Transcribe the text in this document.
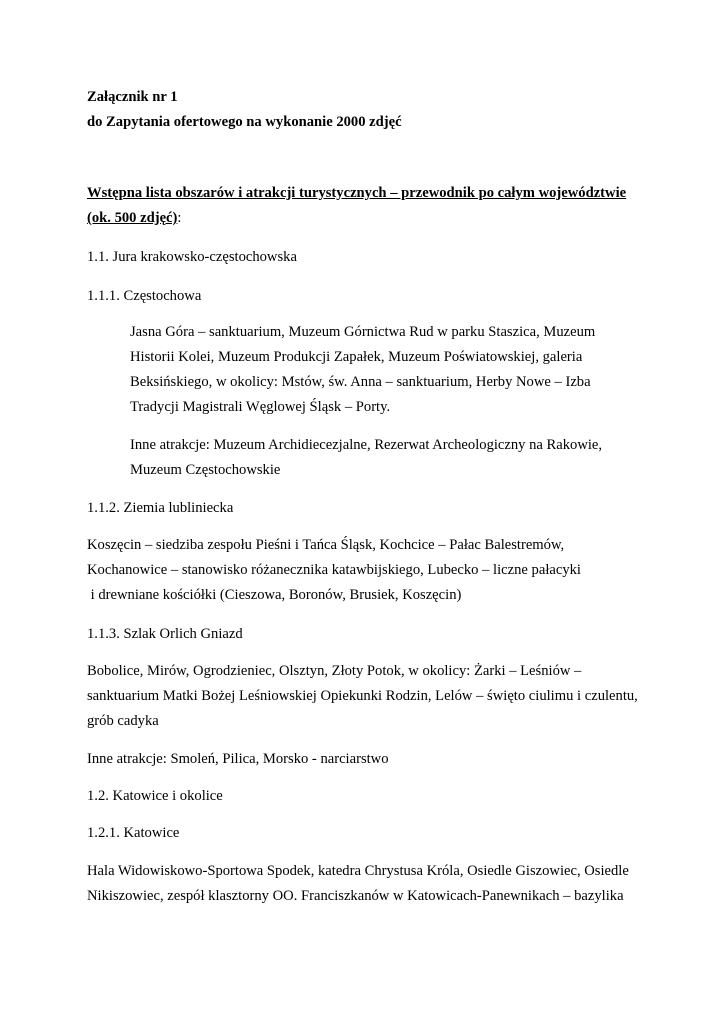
Załącznik nr 1
do Zapytania ofertowego na wykonanie 2000 zdjęć
Wstępna lista obszarów i atrakcji turystycznych – przewodnik po całym województwie
(ok. 500 zdjęć):
1.1. Jura krakowsko-częstochowska
1.1.1. Częstochowa
Jasna Góra – sanktuarium, Muzeum Górnictwa Rud w parku Staszica, Muzeum
Historii Kolei, Muzeum Produkcji Zapałek, Muzeum Poświatowskiej, galeria
Beksińskiego, w okolicy: Mstów, św. Anna – sanktuarium, Herby Nowe – Izba
Tradycji Magistrali Węglowej Śląsk – Porty.
Inne atrakcje: Muzeum Archidiecezjalne, Rezerwat Archeologiczny na Rakowie,
Muzeum Częstochowskie
1.1.2. Ziemia lubliniecka
Koszęcin – siedziba zespołu Pieśni i Tańca Śląsk, Kochcice – Pałac Balestremów,
Kochanowice – stanowisko różanecznika katawbijskiego, Lubecko – liczne pałacyki
i drewniane kościółki (Cieszowa, Boronów, Brusiek, Koszęcin)
1.1.3. Szlak Orlich Gniazd
Bobolice, Mirów, Ogrodzieniec, Olsztyn, Złoty Potok, w okolicy: Żarki – Leśniów –
sanktuarium Matki Bożej Leśniowskiej Opiekunki Rodzin, Lelów – święto ciulimu i czulentu,
grób cadyka
Inne atrakcje: Smoleń, Pilica, Morsko - narciarstwo
1.2. Katowice i okolice
1.2.1. Katowice
Hala Widowiskowo-Sportowa Spodek, katedra Chrystusa Króla, Osiedle Giszowiec, Osiedle
Nikiszowiec, zespół klasztorny OO. Franciszkanów w Katowicach-Panewnikach – bazylika
